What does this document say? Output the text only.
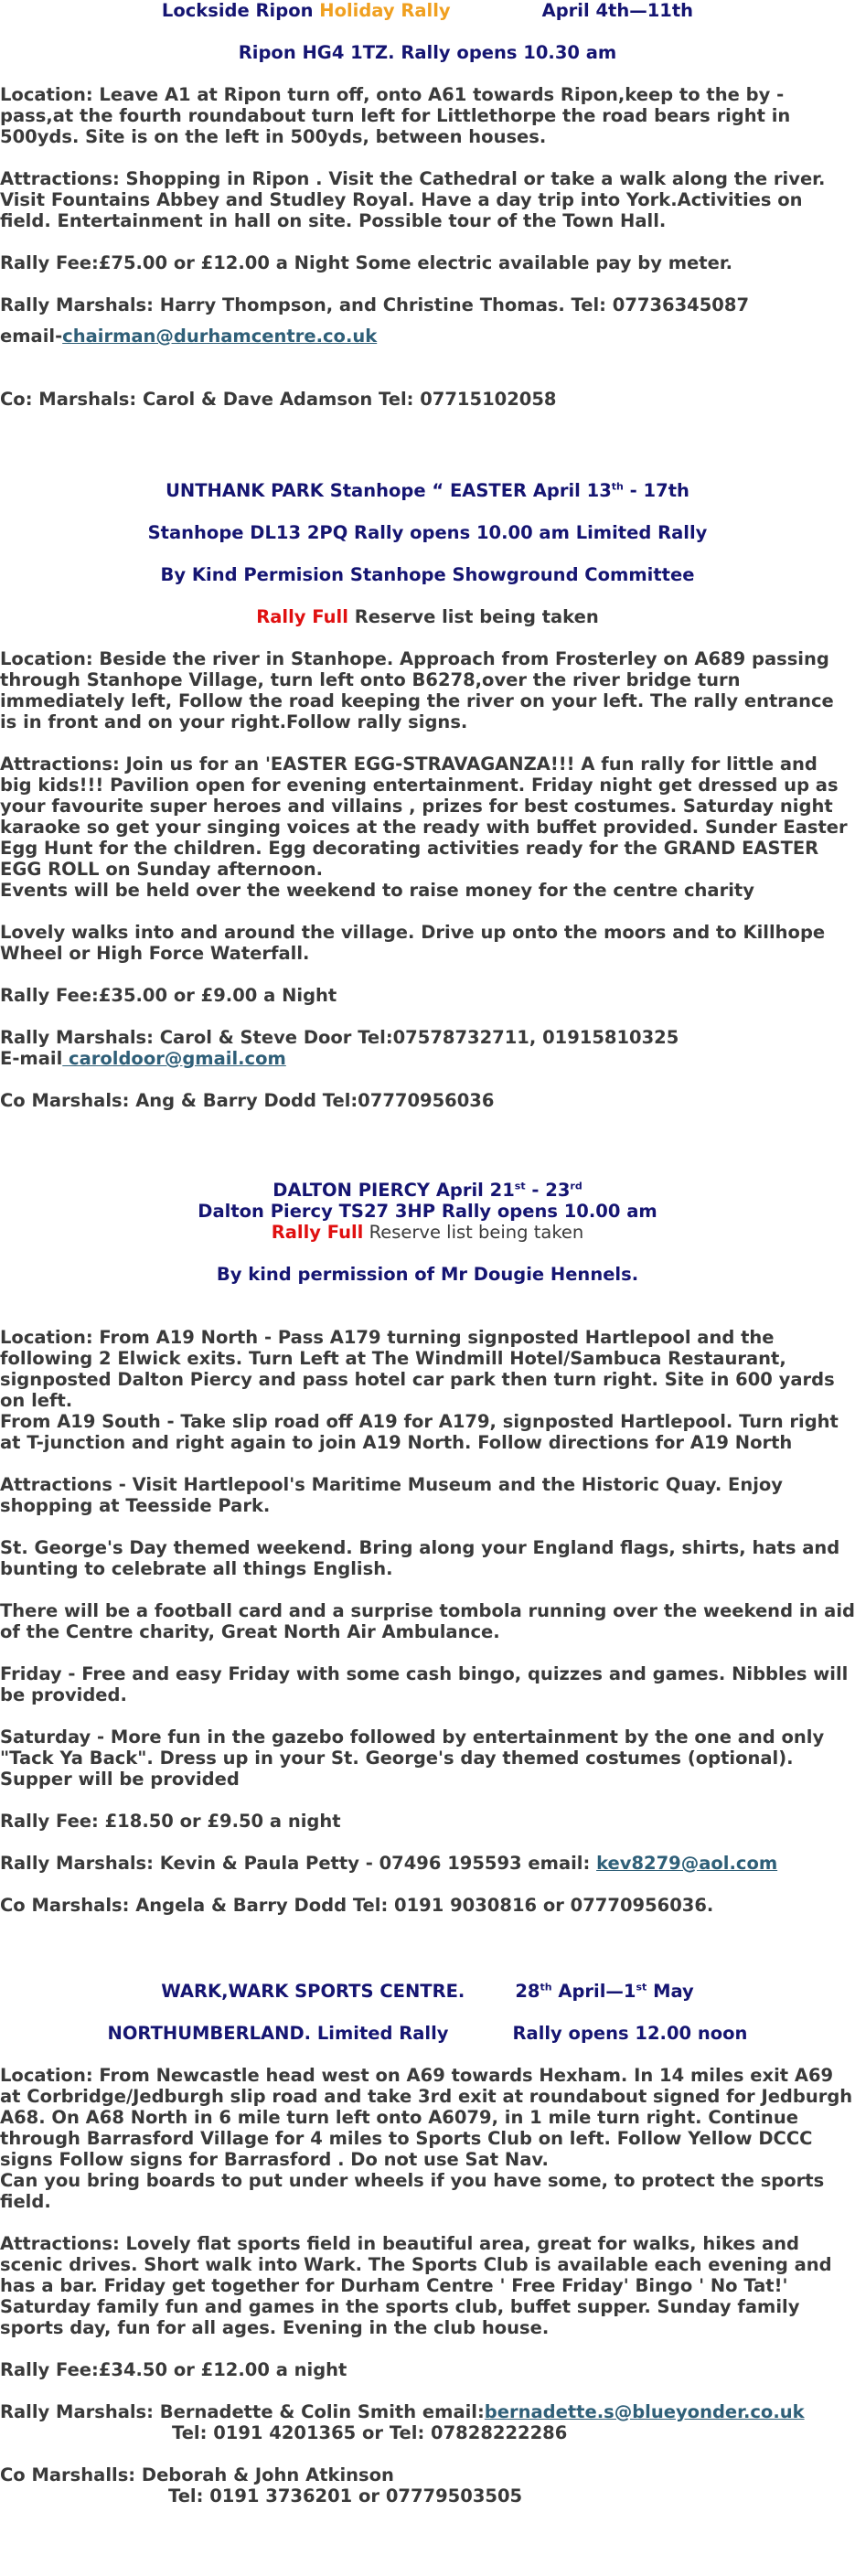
Lockside Ripon Holiday Rally	April 4th—11th
Ripon HG4 1TZ. Rally opens 10.30 am

Location: Leave A1 at Ripon turn off, onto A61 towards Ripon,keep to the by - pass,at the fourth roundabout turn left for Littlethorpe the road bears right in 500yds. Site is on the left in 500yds, between houses.

Attractions: Shopping in Ripon . Visit the Cathedral or take a walk along the river. Visit Fountains Abbey and Studley Royal. Have a day trip into York.Activities on field. Entertainment in hall on site. Possible tour of the Town Hall.

Rally Fee:£75.00 or £12.00 a Night Some electric available pay by meter.

Rally Marshals: Harry Thompson, and Christine Thomas. Tel: 07736345087

email-chairman@durhamcentre.co.uk

Co: Marshals: Carol & Dave Adamson Tel: 07715102058

UNTHANK PARK Stanhope “ EASTER April 13th - 17th
Stanhope DL13 2PQ Rally opens 10.00 am Limited Rally
By Kind Permision Stanhope Showground Committee
Rally Full Reserve list being taken

Location: Beside the river in Stanhope. Approach from Frosterley on A689 passing through Stanhope Village, turn left onto B6278,over the river bridge turn immediately left, Follow the road keeping the river on your left. The rally entrance is in front and on your right.Follow rally signs.

Attractions: Join us for an 'EASTER EGG-STRAVAGANZA!!! A fun rally for little and big kids!!! Pavilion open for evening entertainment. Friday night get dressed up as your favourite super heroes and villains , prizes for best costumes. Saturday night karaoke so get your singing voices at the ready with buffet provided. Sunder Easter Egg Hunt for the children. Egg decorating activities ready for the GRAND EASTER EGG ROLL on Sunday afternoon.

Events will be held over the weekend to raise money for the centre charity

Lovely walks into and around the village. Drive up onto the moors and to Killhope Wheel or High Force Waterfall.

Rally Fee:£35.00 or £9.00 a Night

Rally Marshals: Carol & Steve Door Tel:07578732711, 01915810325

E-mail caroldoor@gmail.com

Co Marshals: Ang & Barry Dodd Tel:07770956036

DALTON PIERCY April 21st - 23rd
Dalton Piercy TS27 3HP Rally opens 10.00 am
Rally Full Reserve list being taken
By kind permission of Mr Dougie Hennels.

Location: From A19 North - Pass A179 turning signposted Hartlepool and the following 2 Elwick exits. Turn Left at The Windmill Hotel/Sambuca Restaurant, signposted Dalton Piercy and pass hotel car park then turn right. Site in 600 yards on left.

From A19 South - Take slip road off A19 for A179, signposted Hartlepool. Turn right at T-junction and right again to join A19 North. Follow directions for A19 North

Attractions - Visit Hartlepool's Maritime Museum and the Historic Quay. Enjoy shopping at Teesside Park.

St. George's Day themed weekend. Bring along your England flags, shirts, hats and bunting to celebrate all things English.

There will be a football card and a surprise tombola running over the weekend in aid of the Centre charity, Great North Air Ambulance.

Friday - Free and easy Friday with some cash bingo, quizzes and games. Nibbles will be provided.

Saturday - More fun in the gazebo followed by entertainment by the one and only "Tack Ya Back". Dress up in your St. George's day themed costumes (optional). Supper will be provided

Rally Fee: £18.50 or £9.50 a night

Rally Marshals: Kevin & Paula Petty - 07496 195593 email: kev8279@aol.com

Co Marshals: Angela & Barry Dodd Tel: 0191 9030816 or 07770956036.

WARK,WARK SPORTS CENTRE.	28th April—1st May
NORTHUMBERLAND. Limited Rally	Rally opens 12.00 noon

Location: From Newcastle head west on A69 towards Hexham. In 14 miles exit A69 at Corbridge/Jedburgh slip road and take 3rd exit at roundabout signed for Jedburgh A68. On A68 North in 6 mile turn left onto A6079, in 1 mile turn right. Continue through Barrasford Village for 4 miles to Sports Club on left. Follow Yellow DCCC signs Follow signs for Barrasford . Do not use Sat Nav.

Can you bring boards to put under wheels if you have some, to protect the sports field.

Attractions: Lovely flat sports field in beautiful area, great for walks, hikes and scenic drives. Short walk into Wark. The Sports Club is available each evening and has a bar. Friday get together for Durham Centre ' Free Friday' Bingo ' No Tat!' Saturday family fun and games in the sports club, buffet supper. Sunday family sports day, fun for all ages. Evening in the club house.

Rally Fee:£34.50 or £12.00 a night

Rally Marshals: Bernadette & Colin Smith email:bernadette.s@blueyonder.co.uk

Tel: 0191 4201365 or Tel: 07828222286

Co Marshalls: Deborah & John Atkinson

Tel: 0191 3736201 or 07779503505
